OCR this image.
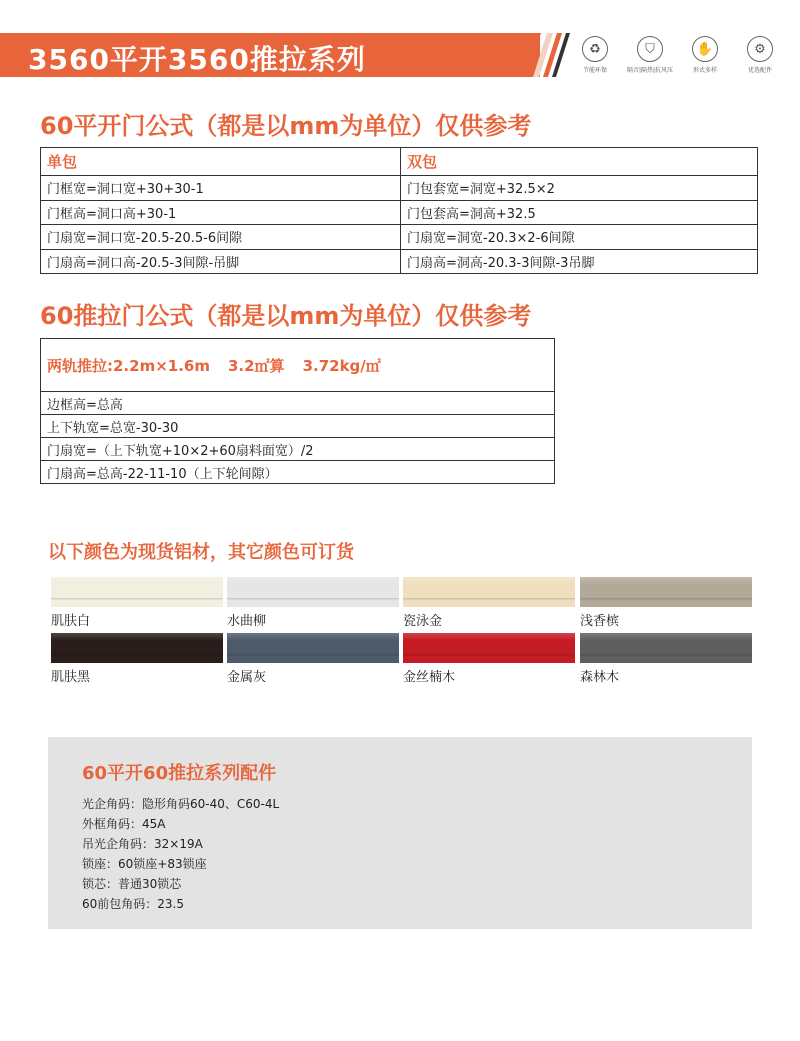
3560平开3560推拉系列	♻
节能环保
⛉
隔音|隔热|抗风压
✋
形式多样
⚙
优选配件
60平开门公式（都是以mm为单位）仅供参考
单包	双包
门框宽=洞口宽+30+30-1	门包套宽=洞宽+32.5×2
门框高=洞口高+30-1	门包套高=洞高+32.5
门扇宽=洞口宽-20.5-20.5-6间隙	门扇宽=洞宽-20.3×2-6间隙
门扇高=洞口高-20.5-3间隙-吊脚	门扇高=洞高-20.3-3间隙-3吊脚
60推拉门公式（都是以mm为单位）仅供参考
两轨推拉:2.2m×1.6m 3.2㎡算 3.72kg/㎡
边框高=总高
上下轨宽=总宽-30-30
门扇宽=（上下轨宽+10×2+60扇料面宽）/2
门扇高=总高-22-11-10（上下轮间隙）
以下颜色为现货铝材，其它颜色可订货
肌肤白	水曲柳	瓷泳金	浅香槟
肌肤黑	金属灰	金丝楠木	森林木
60平开60推拉系列配件
光企角码：隐形角码60-40、C60-4L
外框角码：45A
吊光企角码：32×19A
锁座：60锁座+83锁座
锁芯：普通30锁芯
60前包角码：23.5
